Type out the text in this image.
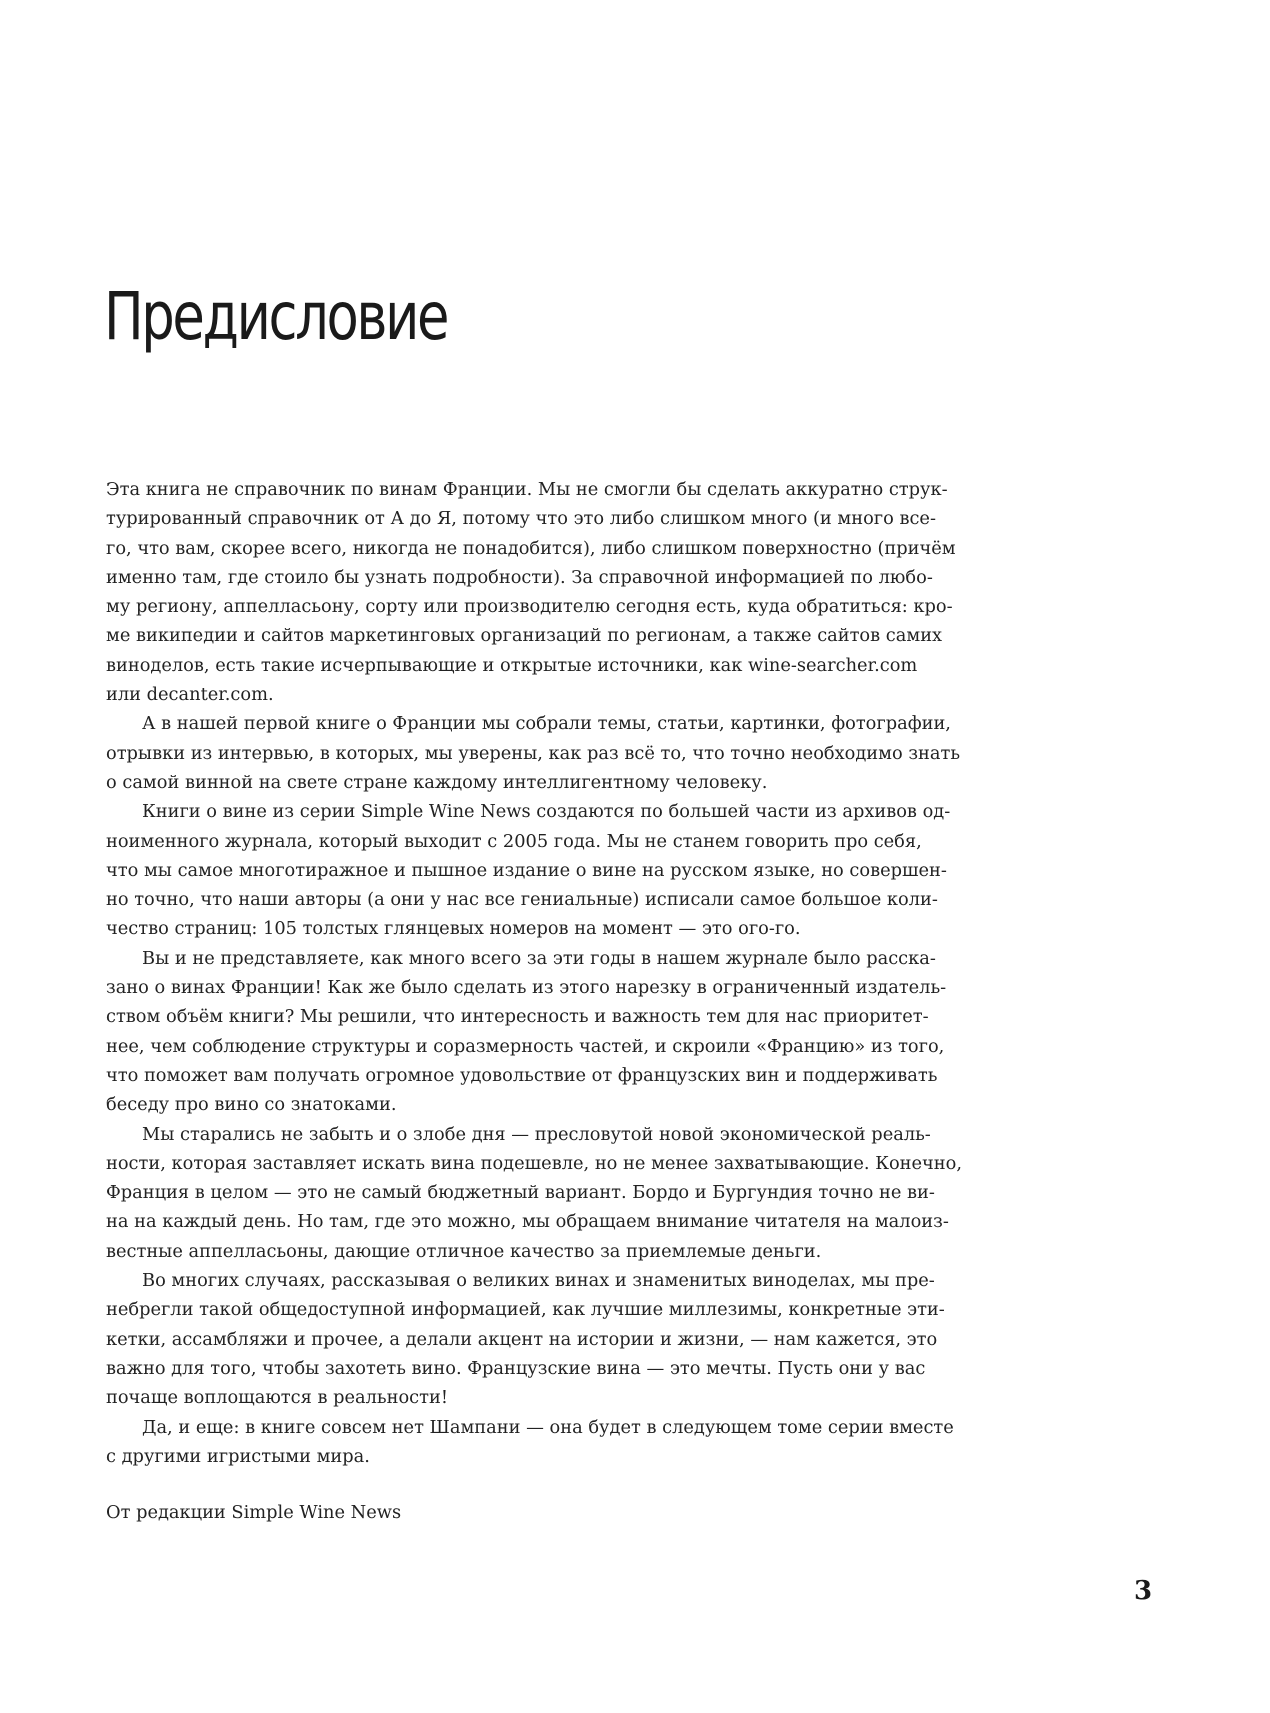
Предисловие

Эта книга не справочник по винам Франции. Мы не смогли бы сделать аккуратно струк-
турированный справочник от А до Я, потому что это либо слишком много (и много все-
го, что вам, скорее всего, никогда не понадобится), либо слишком поверхностно (причём
именно там, где стоило бы узнать подробности). За справочной информацией по любо-
му региону, аппелласьону, сорту или производителю сегодня есть, куда обратиться: кро-
ме википедии и сайтов маркетинговых организаций по регионам, а также сайтов самих
виноделов, есть такие исчерпывающие и открытые источники, как wine-searcher.com
или decanter.com.

А в нашей первой книге о Франции мы собрали темы, статьи, картинки, фотографии,
отрывки из интервью, в которых, мы уверены, как раз всё то, что точно необходимо знать
о самой винной на свете стране каждому интеллигентному человеку.

Книги о вине из серии Simple Wine News создаются по большей части из архивов од-
ноименного журнала, который выходит с 2005 года. Мы не станем говорить про себя,
что мы самое многотиражное и пышное издание о вине на русском языке, но совершен-
но точно, что наши авторы (а они у нас все гениальные) исписали самое большое коли-
чество страниц: 105 толстых глянцевых номеров на момент — это ого-го.

Вы и не представляете, как много всего за эти годы в нашем журнале было расска-
зано о винах Франции! Как же было сделать из этого нарезку в ограниченный издатель-
ством объём книги? Мы решили, что интересность и важность тем для нас приоритет-
нее, чем соблюдение структуры и соразмерность частей, и скроили «Францию» из того,
что поможет вам получать огромное удовольствие от французских вин и поддерживать
беседу про вино со знатоками.

Мы старались не забыть и о злобе дня — пресловутой новой экономической реаль-
ности, которая заставляет искать вина подешевле, но не менее захватывающие. Конечно,
Франция в целом — это не самый бюджетный вариант. Бордо и Бургундия точно не ви-
на на каждый день. Но там, где это можно, мы обращаем внимание читателя на малоиз-
вестные аппелласьоны, дающие отличное качество за приемлемые деньги.

Во многих случаях, рассказывая о великих винах и знаменитых виноделах, мы пре-
небрегли такой общедоступной информацией, как лучшие миллезимы, конкретные эти-
кетки, ассамбляжи и прочее, а делали акцент на истории и жизни, — нам кажется, это
важно для того, чтобы захотеть вино. Французские вина — это мечты. Пусть они у вас
почаще воплощаются в реальности!

Да, и еще: в книге совсем нет Шампани — она будет в следующем томе серии вместе
с другими игристыми мира.

От редакции Simple Wine News

3
